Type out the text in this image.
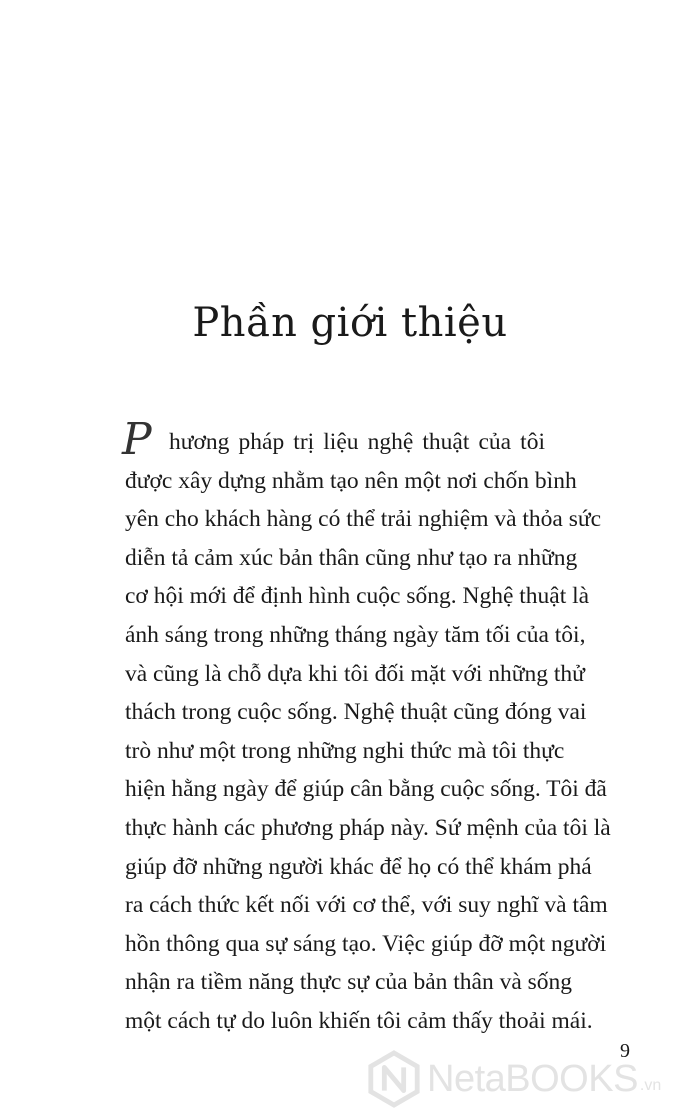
Phần giới thiệu
P hương pháp trị liệu nghệ thuật của tôi
được xây dựng nhằm tạo nên một nơi chốn bình
yên cho khách hàng có thể trải nghiệm và thỏa sức
diễn tả cảm xúc bản thân cũng như tạo ra những
cơ hội mới để định hình cuộc sống. Nghệ thuật là
ánh sáng trong những tháng ngày tăm tối của tôi,
và cũng là chỗ dựa khi tôi đối mặt với những thử
thách trong cuộc sống. Nghệ thuật cũng đóng vai
trò như một trong những nghi thức mà tôi thực
hiện hằng ngày để giúp cân bằng cuộc sống. Tôi đã
thực hành các phương pháp này. Sứ mệnh của tôi là
giúp đỡ những người khác để họ có thể khám phá
ra cách thức kết nối với cơ thể, với suy nghĩ và tâm
hồn thông qua sự sáng tạo. Việc giúp đỡ một người
nhận ra tiềm năng thực sự của bản thân và sống
một cách tự do luôn khiến tôi cảm thấy thoải mái.
9
NetaBOOKS .vn
